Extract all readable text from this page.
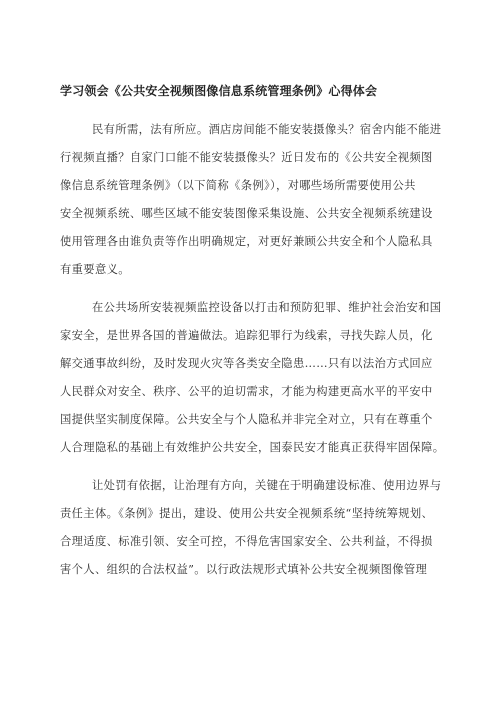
学习领会《公共安全视频图像信息系统管理条例》心得体会
民有所需，法有所应。酒店房间能不能安装摄像头？宿舍内能不能进
行视频直播？自家门口能不能安装摄像头？近日发布的《公共安全视频图
像信息系统管理条例》（以下简称《条例》），对哪些场所需要使用公共
安全视频系统、哪些区域不能安装图像采集设施、公共安全视频系统建设
使用管理各由谁负责等作出明确规定，对更好兼顾公共安全和个人隐私具
有重要意义。
在公共场所安装视频监控设备以打击和预防犯罪、维护社会治安和国
家安全，是世界各国的普遍做法。追踪犯罪行为线索，寻找失踪人员，化
解交通事故纠纷，及时发现火灾等各类安全隐患……只有以法治方式回应
人民群众对安全、秩序、公平的迫切需求，才能为构建更高水平的平安中
国提供坚实制度保障。公共安全与个人隐私并非完全对立，只有在尊重个
人合理隐私的基础上有效维护公共安全，国泰民安才能真正获得牢固保障。
让处罚有依据，让治理有方向，关键在于明确建设标准、使用边界与
责任主体。《条例》提出，建设、使用公共安全视频系统“坚持统筹规划、
合理适度、标准引领、安全可控，不得危害国家安全、公共利益，不得损
害个人、组织的合法权益”。以行政法规形式填补公共安全视频图像管理
